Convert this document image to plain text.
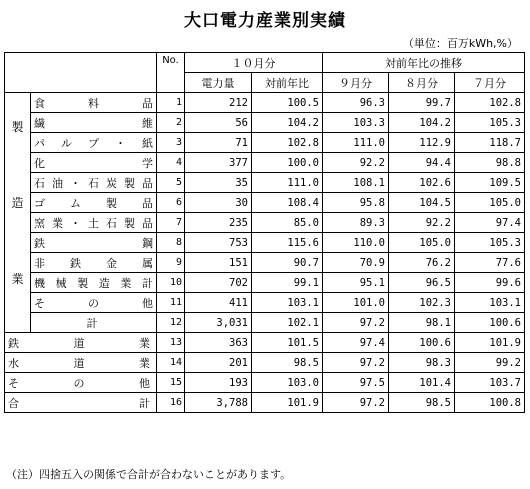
大口電力産業別実績
（単位：百万kWh,%）
		No.	１０月分		対前年比の推移		
			電力量	対前年比	９月分	８月分	７月分

製

造

業	食料品	1	212	100.5	96.3	99.7	102.8
	繊維	2	56	104.2	103.3	104.2	105.3
	パルプ・紙	3	71	102.8	111.0	112.9	118.7
	化学	4	377	100.0	92.2	94.4	98.8
	石油・石炭製品	5	35	111.0	108.1	102.6	109.5
	ゴム製品	6	30	108.4	95.8	104.5	105.0
	窯業・土石製品	7	235	85.0	89.3	92.2	97.4
	鉄鋼	8	753	115.6	110.0	105.0	105.3
	非鉄金属	9	151	90.7	70.9	76.2	77.6
	機械製造業計	10	702	99.1	95.1	96.5	99.6
	その他	11	411	103.1	101.0	102.3	103.1
	計	12	3,031	102.1	97.2	98.1	100.6
鉄道業		13	363	101.5	97.4	100.6	101.9
水道業		14	201	98.5	97.2	98.3	99.2
その他		15	193	103.0	97.5	101.4	103.7
合計		16	3,788	101.9	97.2	98.5	100.8
（注）四捨五入の関係で合計が合わないことがあります。
